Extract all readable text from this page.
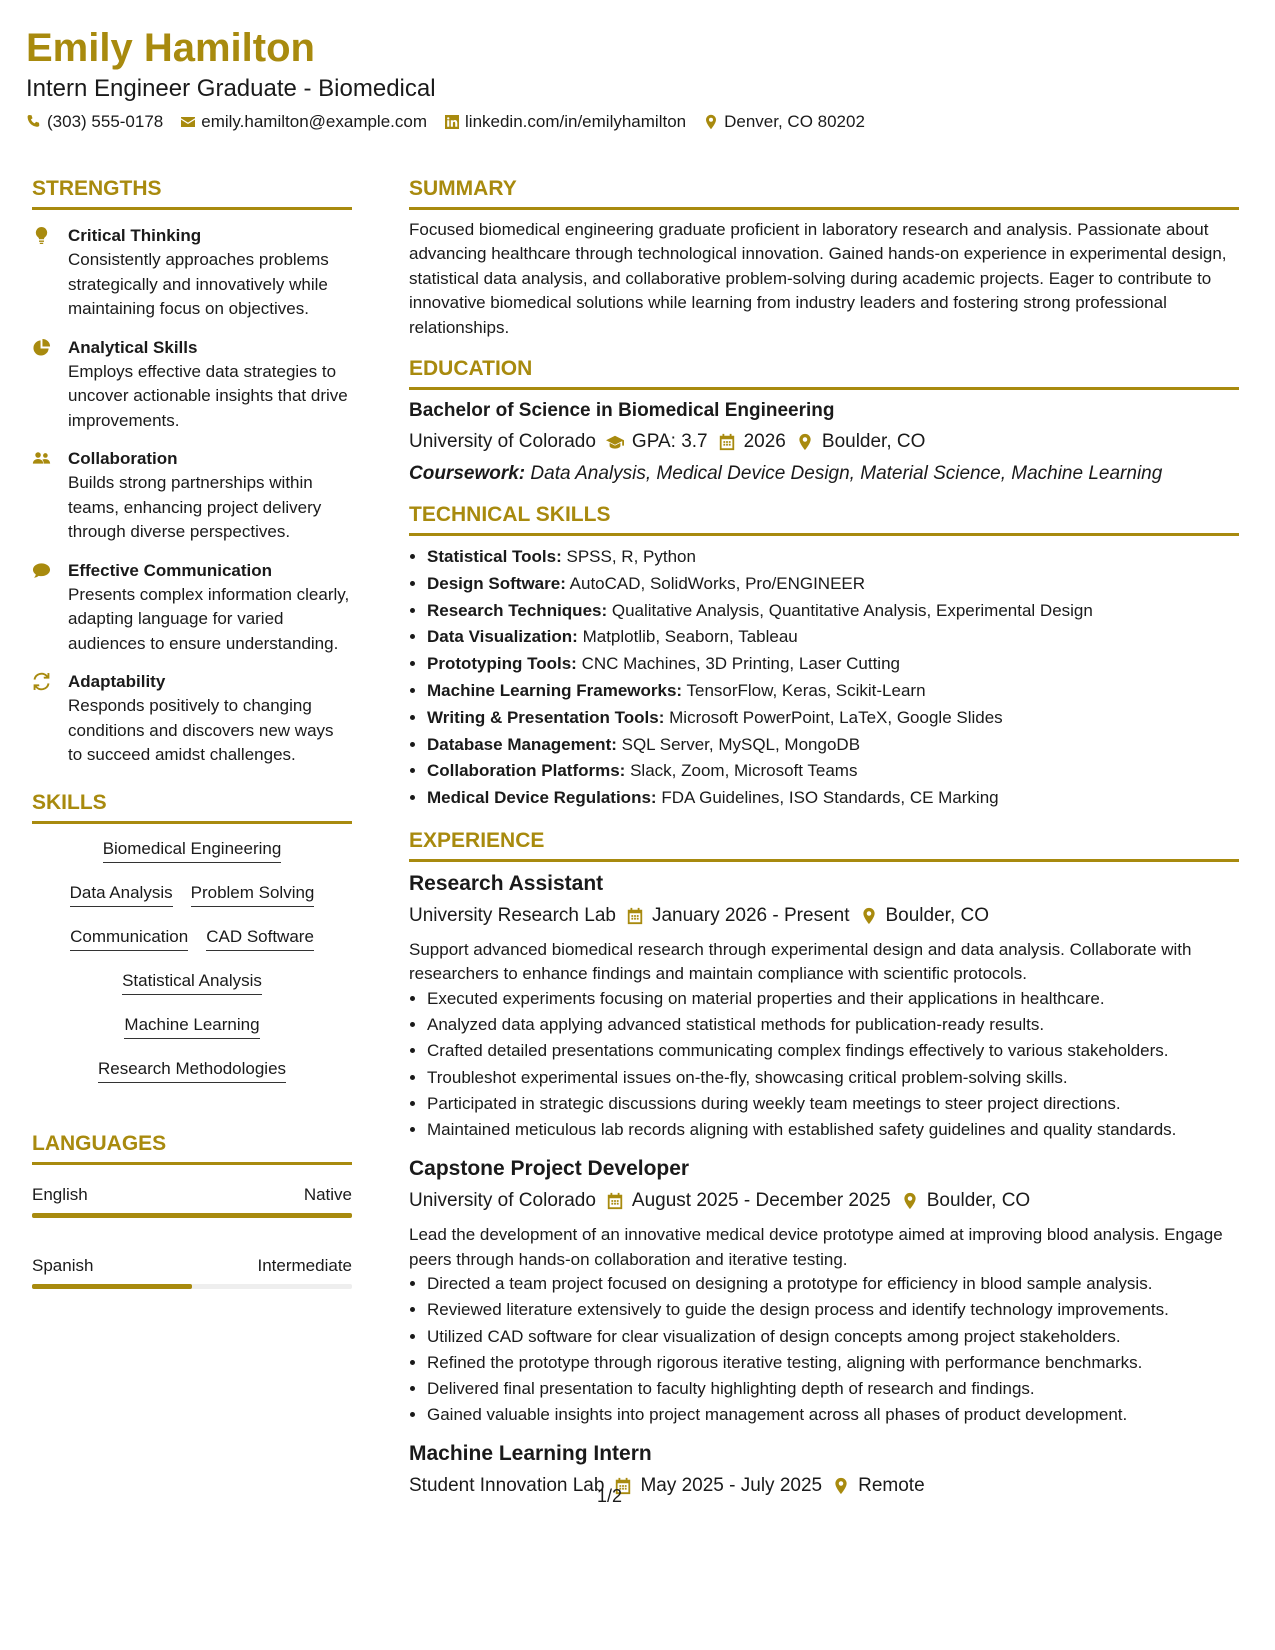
Emily Hamilton
Intern Engineer Graduate - Biomedical
(303) 555-0178 emily.hamilton@example.com linkedin.com/in/emilyhamilton Denver, CO 80202
STRENGTHS
Critical Thinking
Consistently approaches problems strategically and innovatively while maintaining focus on objectives.
Analytical Skills
Employs effective data strategies to uncover actionable insights that drive improvements.
Collaboration
Builds strong partnerships within teams, enhancing project delivery through diverse perspectives.
Effective Communication
Presents complex information clearly, adapting language for varied audiences to ensure understanding.
Adaptability
Responds positively to changing conditions and discovers new ways to succeed amidst challenges.
SKILLS
Biomedical Engineering
Data Analysis Problem Solving
Communication CAD Software
Statistical Analysis
Machine Learning
Research Methodologies
LANGUAGES
English	Native
Spanish	Intermediate
SUMMARY

Focused biomedical engineering graduate proficient in laboratory research and analysis. Passionate about advancing healthcare through technological innovation. Gained hands-on experience in experimental design, statistical data analysis, and collaborative problem-solving during academic projects. Eager to contribute to innovative biomedical solutions while learning from industry leaders and fostering strong professional relationships.

EDUCATION
Bachelor of Science in Biomedical Engineering
University of Colorado GPA: 3.7 2026 Boulder, CO
Coursework: Data Analysis, Medical Device Design, Material Science, Machine Learning
TECHNICAL SKILLS
• Statistical Tools: SPSS, R, Python
• Design Software: AutoCAD, SolidWorks, Pro/ENGINEER
• Research Techniques: Qualitative Analysis, Quantitative Analysis, Experimental Design
• Data Visualization: Matplotlib, Seaborn, Tableau
• Prototyping Tools: CNC Machines, 3D Printing, Laser Cutting
• Machine Learning Frameworks: TensorFlow, Keras, Scikit-Learn
• Writing & Presentation Tools: Microsoft PowerPoint, LaTeX, Google Slides
• Database Management: SQL Server, MySQL, MongoDB
• Collaboration Platforms: Slack, Zoom, Microsoft Teams
• Medical Device Regulations: FDA Guidelines, ISO Standards, CE Marking
EXPERIENCE
Research Assistant
University Research Lab January 2026 - Present Boulder, CO
Support advanced biomedical research through experimental design and data analysis. Collaborate with researchers to enhance findings and maintain compliance with scientific protocols.
• Executed experiments focusing on material properties and their applications in healthcare.
• Analyzed data applying advanced statistical methods for publication-ready results.
• Crafted detailed presentations communicating complex findings effectively to various stakeholders.
• Troubleshot experimental issues on-the-fly, showcasing critical problem-solving skills.
• Participated in strategic discussions during weekly team meetings to steer project directions.
• Maintained meticulous lab records aligning with established safety guidelines and quality standards.
Capstone Project Developer
University of Colorado August 2025 - December 2025 Boulder, CO
Lead the development of an innovative medical device prototype aimed at improving blood analysis. Engage peers through hands-on collaboration and iterative testing.
• Directed a team project focused on designing a prototype for efficiency in blood sample analysis.
• Reviewed literature extensively to guide the design process and identify technology improvements.
• Utilized CAD software for clear visualization of design concepts among project stakeholders.
• Refined the prototype through rigorous iterative testing, aligning with performance benchmarks.
• Delivered final presentation to faculty highlighting depth of research and findings.
• Gained valuable insights into project management across all phases of product development.
Machine Learning Intern
Student Innovation Lab May 2025 - July 2025 Remote
1/2
